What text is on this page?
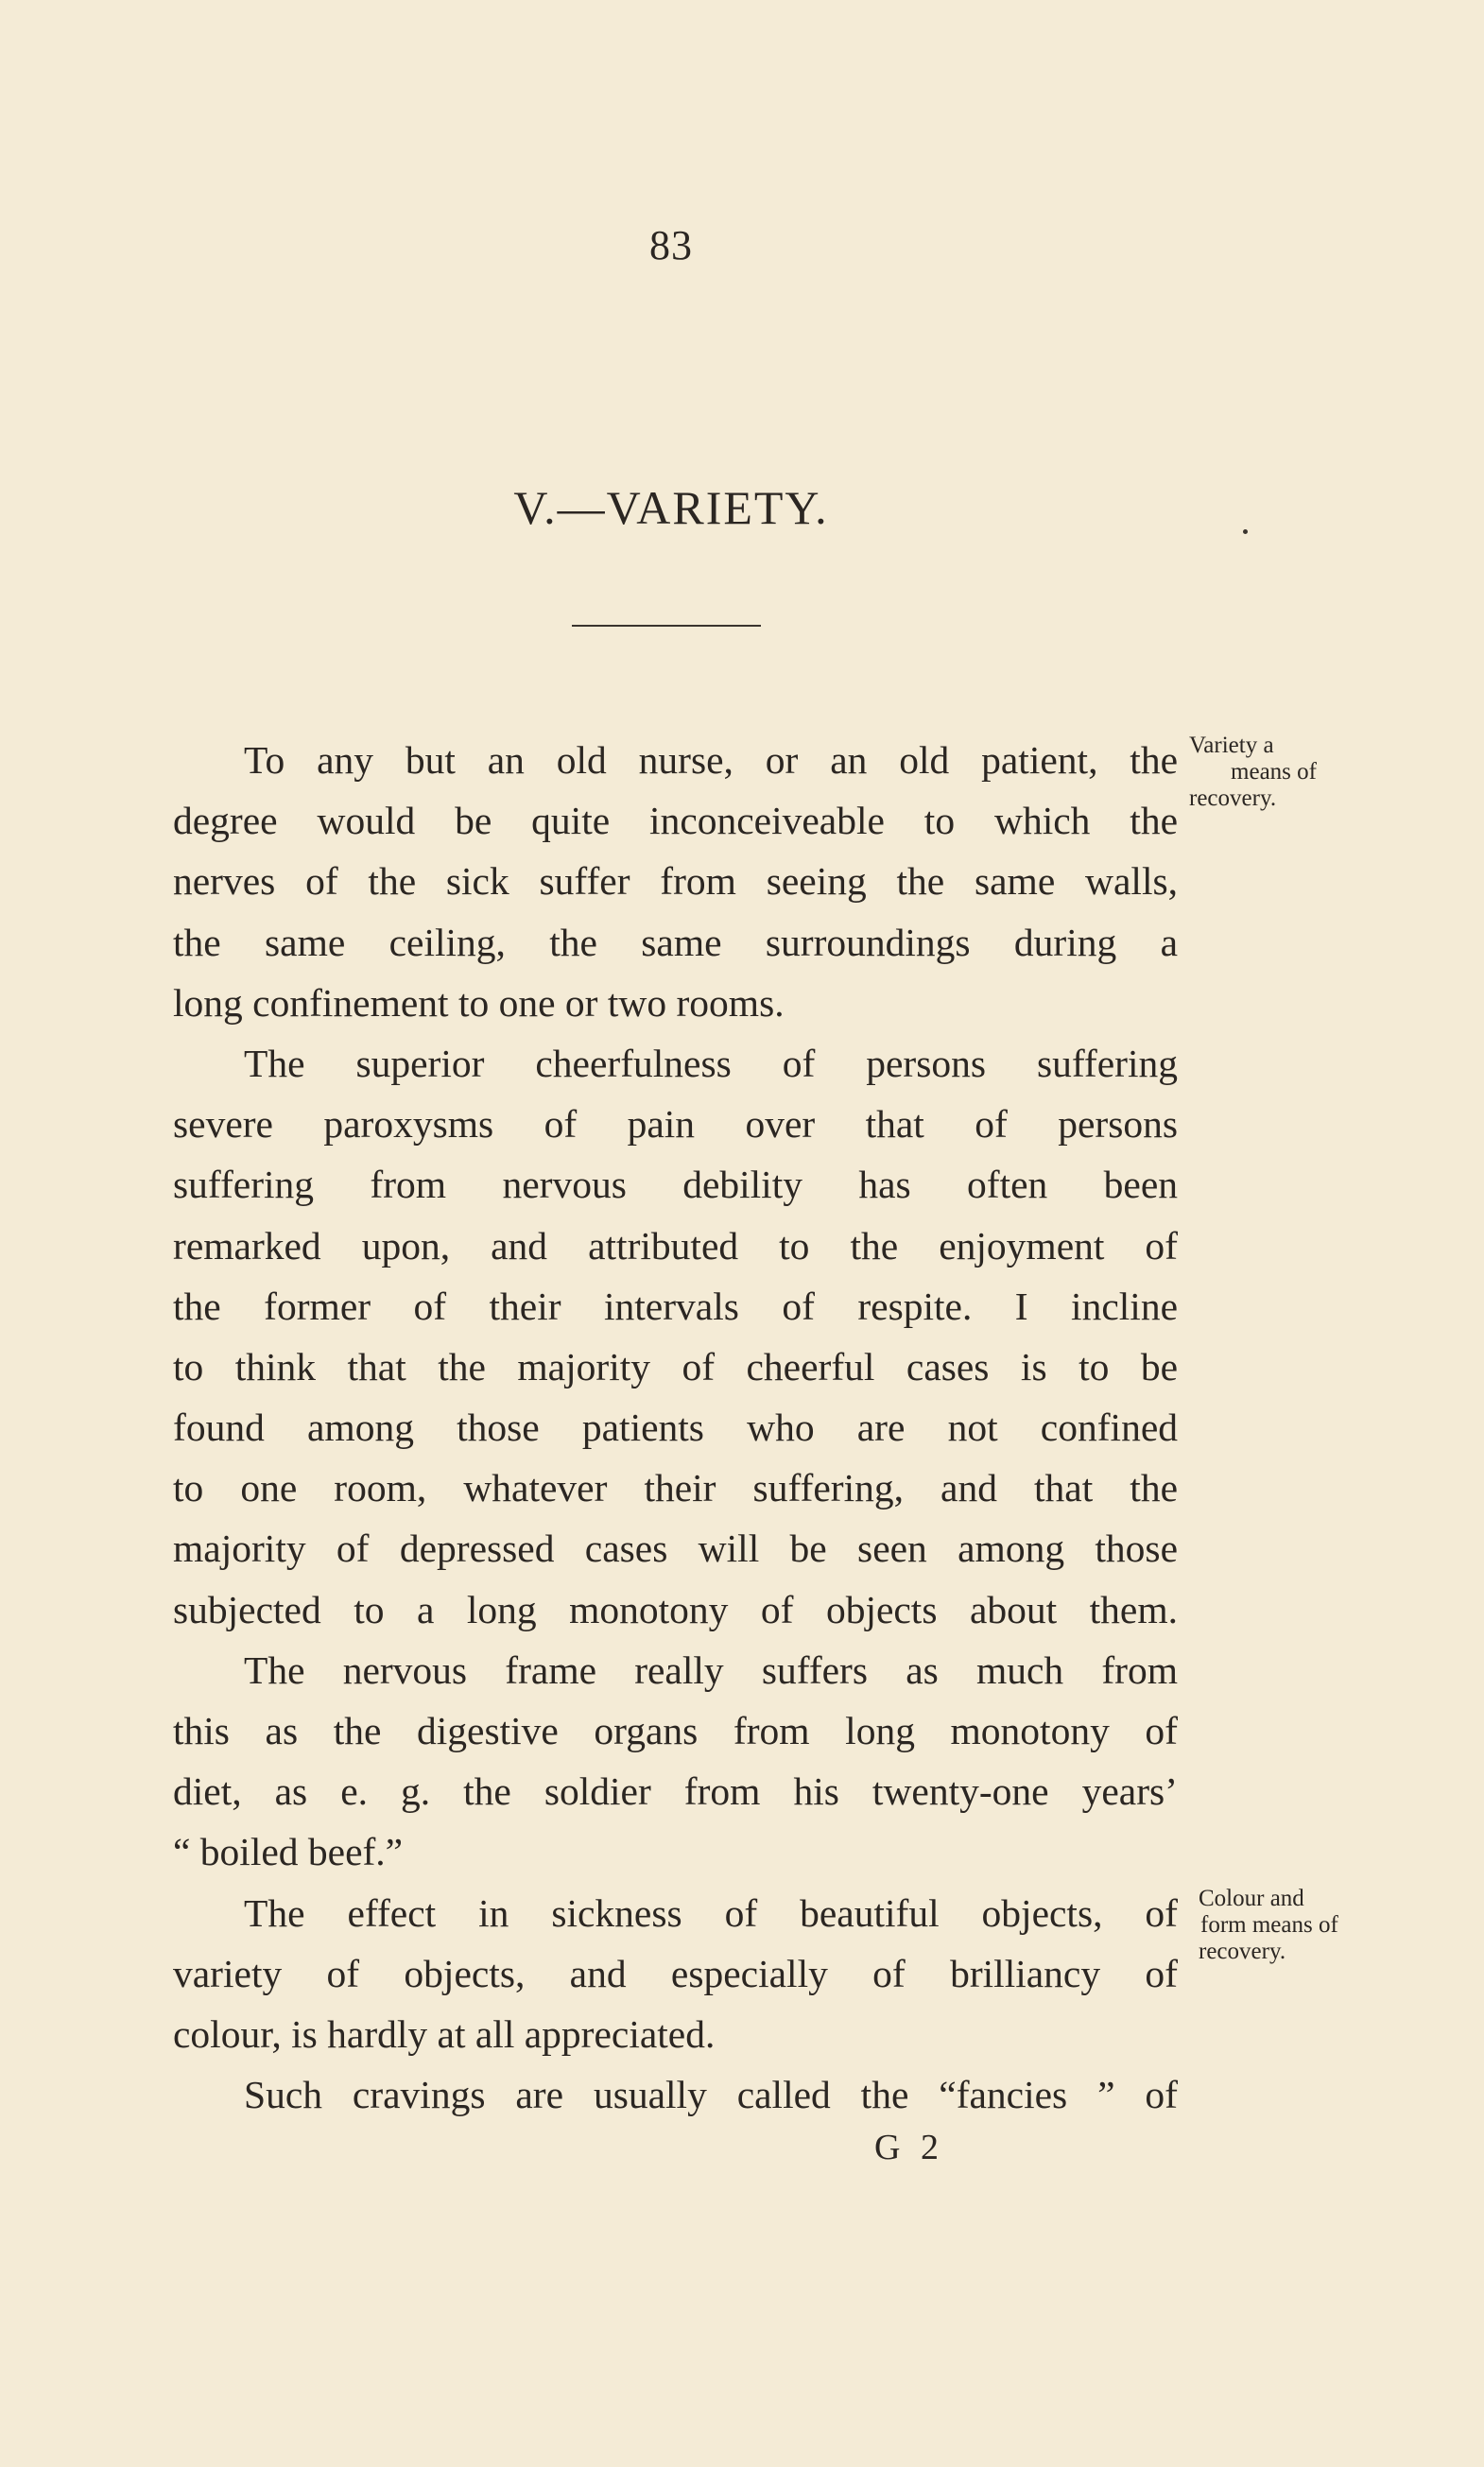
83
V.—VARIETY.
To any but an old nurse, or an old patient, the
degree would be quite inconceiveable to which the
nerves of the sick suffer from seeing the same walls,
the same ceiling, the same surroundings during a
long confinement to one or two rooms.
The superior cheerfulness of persons suffering
severe paroxysms of pain over that of persons
suffering from nervous debility has often been
remarked upon, and attributed to the enjoyment of
the former of their intervals of respite. I incline
to think that the majority of cheerful cases is to be
found among those patients who are not confined
to one room, whatever their suffering, and that the
majority of depressed cases will be seen among those
subjected to a long monotony of objects about them.
The nervous frame really suffers as much from
this as the digestive organs from long monotony of
diet, as e. g. the soldier from his twenty-one years’
“ boiled beef.”
The effect in sickness of beautiful objects, of
variety of objects, and especially of brilliancy of
colour, is hardly at all appreciated.
Such cravings are usually called the “fancies ” of
Variety a
means of
recovery.
Colour and
form means of
recovery.
G 2
